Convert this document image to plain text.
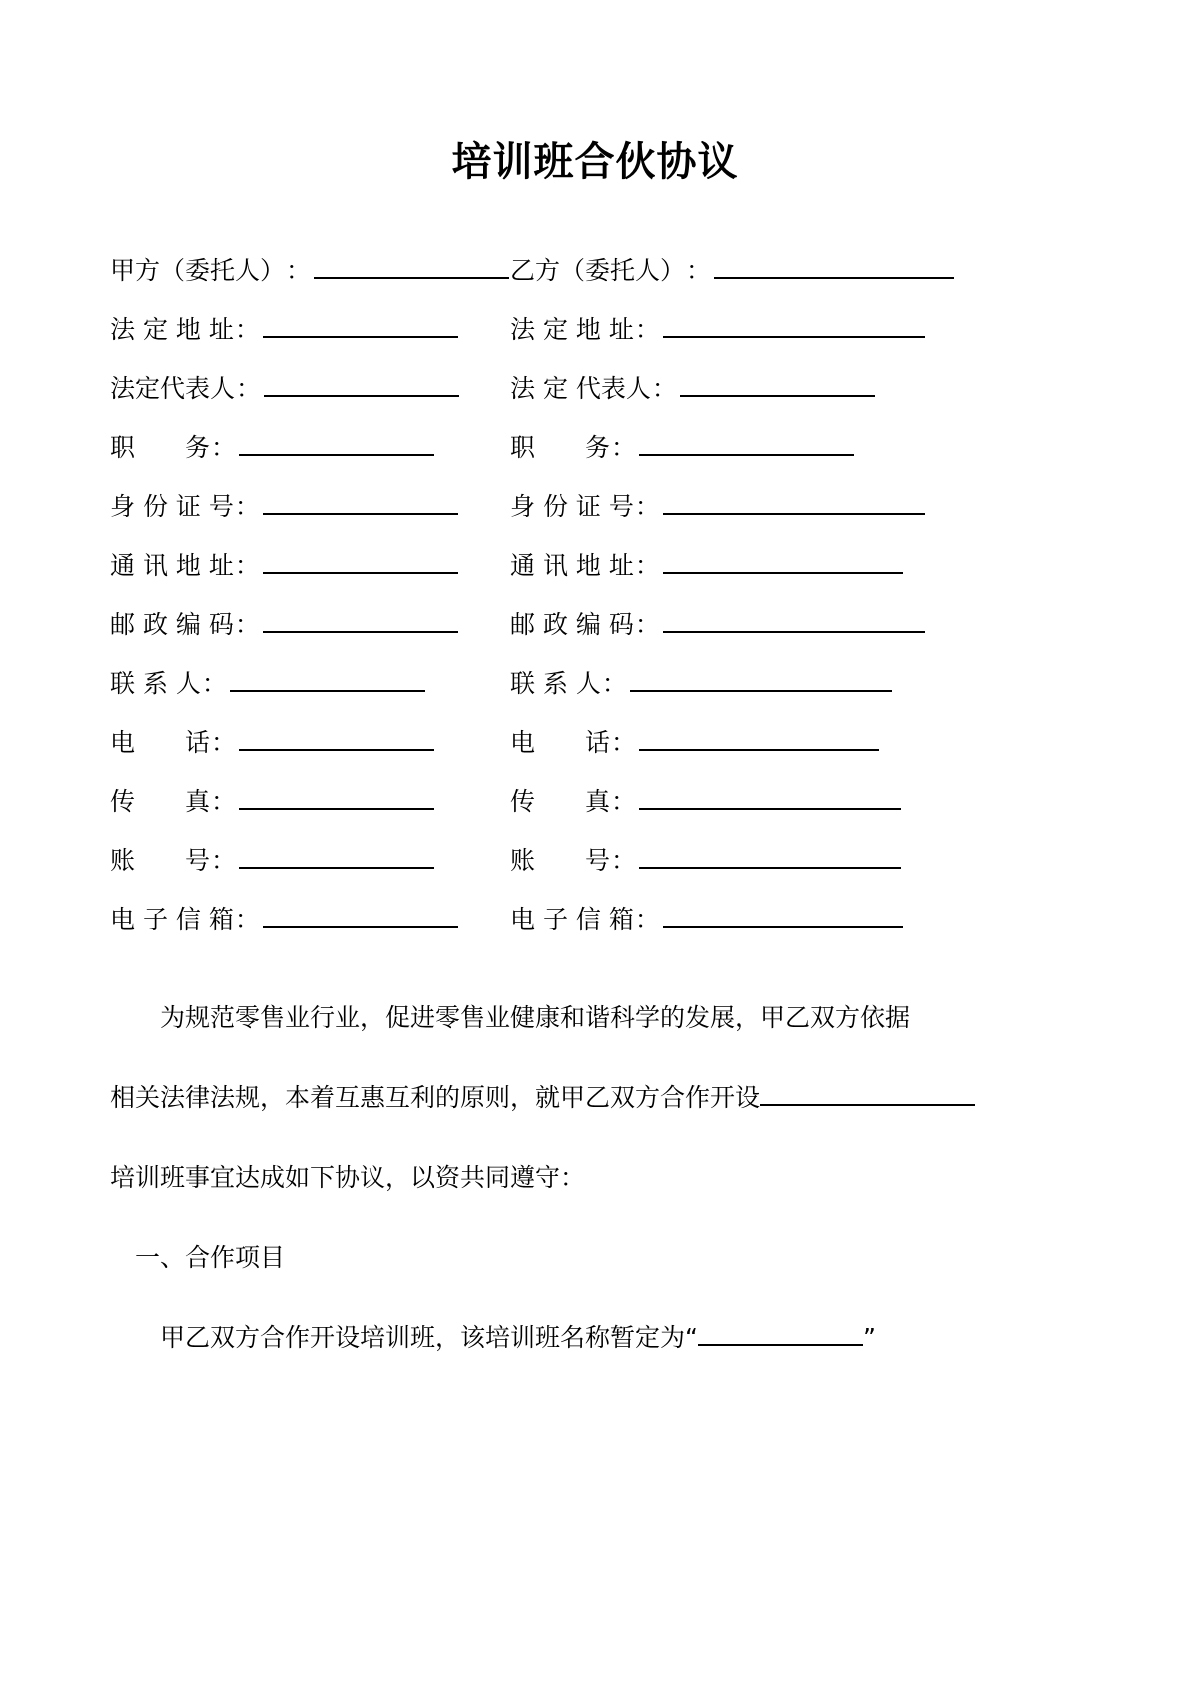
培训班合伙协议
甲方（委托人） ：	乙方（委托人） ：
法 定 地 址 ：	法 定 地 址 ：
法定代表人 ：	法 定 代表人 ：
职　　务 ：	职　　务 ：
身 份 证 号 ：	身 份 证 号 ：
通 讯 地 址 ：	通 讯 地 址 ：
邮 政 编 码 ：	邮 政 编 码 ：
联 系 人 ：	联 系 人 ：
电　　话 ：	电　　话 ：
传　　真 ：	传　　真 ：
账　　号 ：	账　　号 ：
电 子 信 箱 ：	电 子 信 箱 ：

为规范零售业行业，促进零售业健康和谐科学的发展，甲乙双方依据

相关法律法规，本着互惠互利的原则，就甲乙双方合作开设

培训班事宜达成如下协议，以资共同遵守：

一、合作项目

甲乙双方合作开设培训班，该培训班名称暂定为“	”
